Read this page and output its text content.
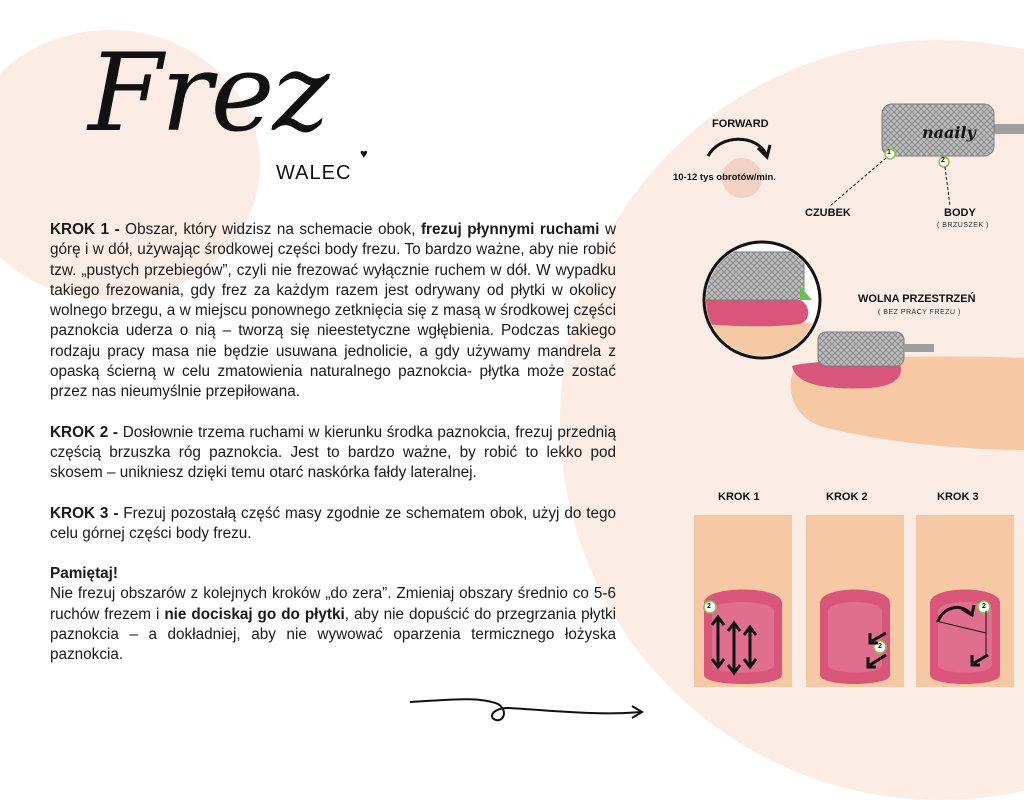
Frez
WALEC
♥

KROK 1 - Obszar, który widzisz na schemacie obok, frezuj płynnymi ruchami w górę i w dół, używając środkowej części body frezu. To bardzo ważne, aby nie robić tzw. „pustych przebiegów”, czyli nie frezować wyłącznie ruchem w dół. W wypadku takiego frezowania, gdy frez za każdym razem jest odrywany od płytki w okolicy wolnego brzegu, a w miejscu ponownego zetknięcia się z masą w środkowej części paznokcia uderza o nią – tworzą się nieestetyczne wgłębienia. Podczas takiego rodzaju pracy masa nie będzie usuwana jednolicie, a gdy używamy mandrela z opaską ścierną w celu zmatowienia naturalnego paznokcia- płytka może zostać przez nas nieumyślnie przepiłowana.

KROK 2 - Dosłownie trzema ruchami w kierunku środka paznokcia, frezuj przednią częścią brzuszka róg paznokcia. Jest to bardzo ważne, by robić to lekko pod skosem – unikniesz dzięki temu otarć naskórka fałdy lateralnej.

KROK 3 - Frezuj pozostałą część masy zgodnie ze schematem obok, użyj do tego celu górnej części body frezu.

Pamiętaj!

Nie frezuj obszarów z kolejnych kroków „do zera”. Zmieniaj obszary średnio co 5-6 ruchów frezem i nie dociskaj go do płytki, aby nie dopuścić do przegrzania płytki paznokcia – a dokładniej, aby nie wywować oparzenia termicznego łożyska paznokcia.

FORWARD
10-12 tys obrotów/min.
naaily
1
2
CZUBEK	BODY
( BRZUSZEK )
WOLNA PRZESTRZEŃ
( BEZ PRACY FREZU )
KROK 1	KROK 2	KROK 3
2
2
2
